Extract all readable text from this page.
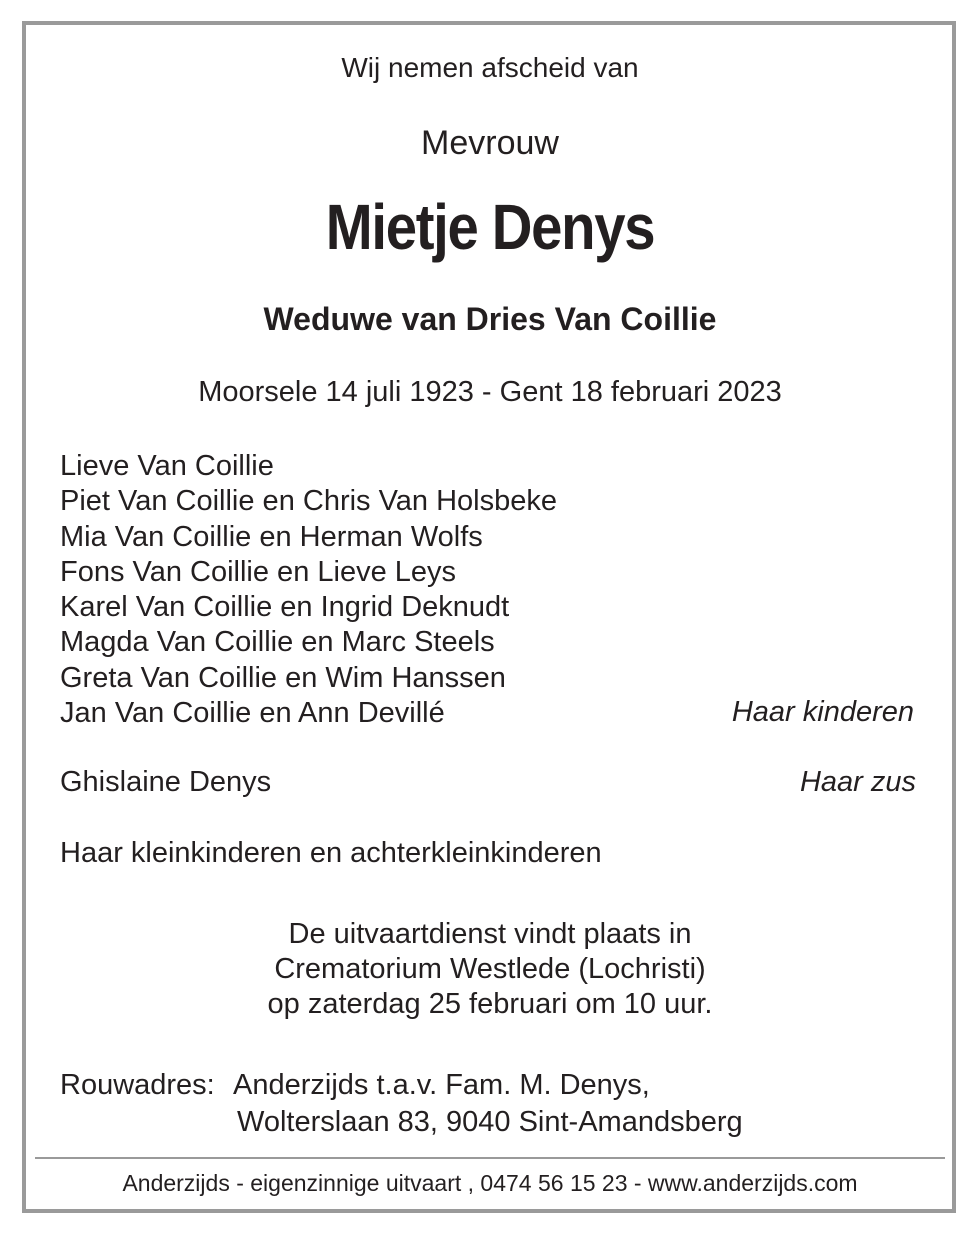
Wij nemen afscheid van
Mevrouw
Mietje Denys
Weduwe van Dries Van Coillie
Moorsele 14 juli 1923 - Gent 18 februari 2023
Lieve Van Coillie
Piet Van Coillie en Chris Van Holsbeke
Mia Van Coillie en Herman Wolfs
Fons Van Coillie en Lieve Leys
Karel Van Coillie en Ingrid Deknudt
Magda Van Coillie en Marc Steels
Greta Van Coillie en Wim Hanssen
Jan Van Coillie en Ann Devillé	Haar kinderen
Ghislaine Denys	Haar zus
Haar kleinkinderen en achterkleinkinderen
De uitvaartdienst vindt plaats in
Crematorium Westlede (Lochristi)
op zaterdag 25 februari om 10 uur.
Rouwadres: Anderzijds t.a.v. Fam. M. Denys,
Wolterslaan 83, 9040 Sint-Amandsberg
Anderzijds - eigenzinnige uitvaart , 0474 56 15 23 - www.anderzijds.com
